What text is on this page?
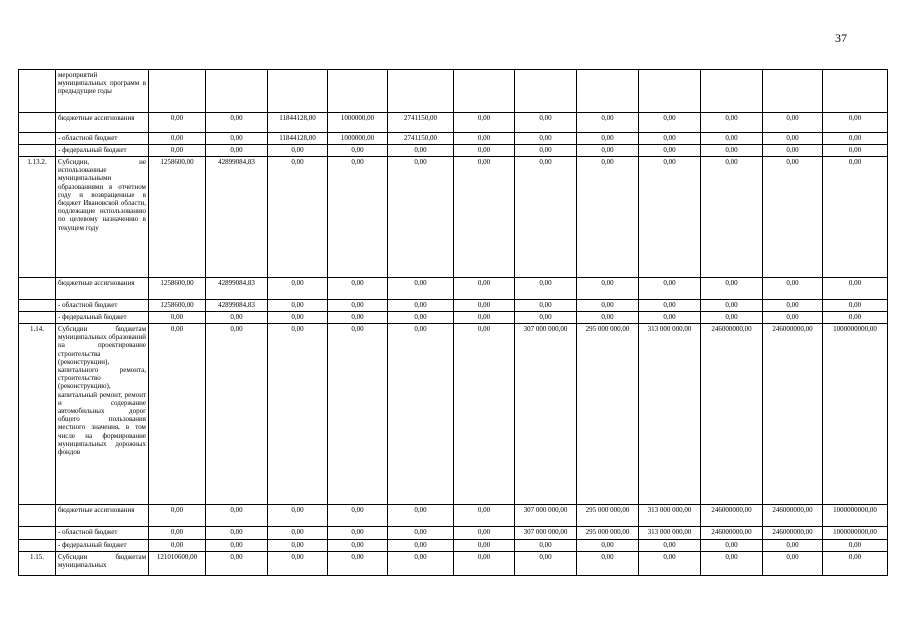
37
	мероприятий муниципальных программ в предыдущие годы												
	бюджетные ассигнования	0,00	0,00	11844128,00	1000000,00	2741150,00	0,00	0,00	0,00	0,00	0,00	0,00	0,00
	- областной бюджет	0,00	0,00	11844128,00	1000000,00	2741150,00	0,00	0,00	0,00	0,00	0,00	0,00	0,00
	- федеральный бюджет	0,00	0,00	0,00	0,00	0,00	0,00	0,00	0,00	0,00	0,00	0,00	0,00
1.13.2.	Субсидии, не использованные муниципальными образованиями в отчетном году и возвращенные в бюджет Ивановской области, подлежащие использованию по целевому назначению в текущем году	1258600,00	42899084,83	0,00	0,00	0,00	0,00	0,00	0,00	0,00	0,00	0,00	0,00
	бюджетные ассигнования	1258600,00	42899084,83	0,00	0,00	0,00	0,00	0,00	0,00	0,00	0,00	0,00	0,00
	- областной бюджет	1258600,00	42899084,83	0,00	0,00	0,00	0,00	0,00	0,00	0,00	0,00	0,00	0,00
	- федеральный бюджет	0,00	0,00	0,00	0,00	0,00	0,00	0,00	0,00	0,00	0,00	0,00	0,00
1.14.	Субсидии бюджетам муниципальных образований на проектирование строительства (реконструкции), капитального ремонта, строительство (реконструкцию), капитальный ремонт, ремонт и содержание автомобильных дорог общего пользования местного значения, в том числе на формирование муниципальных дорожных фондов	0,00	0,00	0,00	0,00	0,00	0,00	307 000 000,00	295 000 000,00	313 000 000,00	246000000,00	246000000,00	1000000000,00
	бюджетные ассигнования	0,00	0,00	0,00	0,00	0,00	0,00	307 000 000,00	295 000 000,00	313 000 000,00	246000000,00	246000000,00	1000000000,00
	- областной бюджет	0,00	0,00	0,00	0,00	0,00	0,00	307 000 000,00	295 000 000,00	313 000 000,00	246000000,00	246000000,00	1000000000,00
	- федеральный бюджет	0,00	0,00	0,00	0,00	0,00	0,00	0,00	0,00	0,00	0,00	0,00	0,00
1.15.	Субсидии бюджетам муниципальных	121010600,00	0,00	0,00	0,00	0,00	0,00	0,00	0,00	0,00	0,00	0,00	0,00
